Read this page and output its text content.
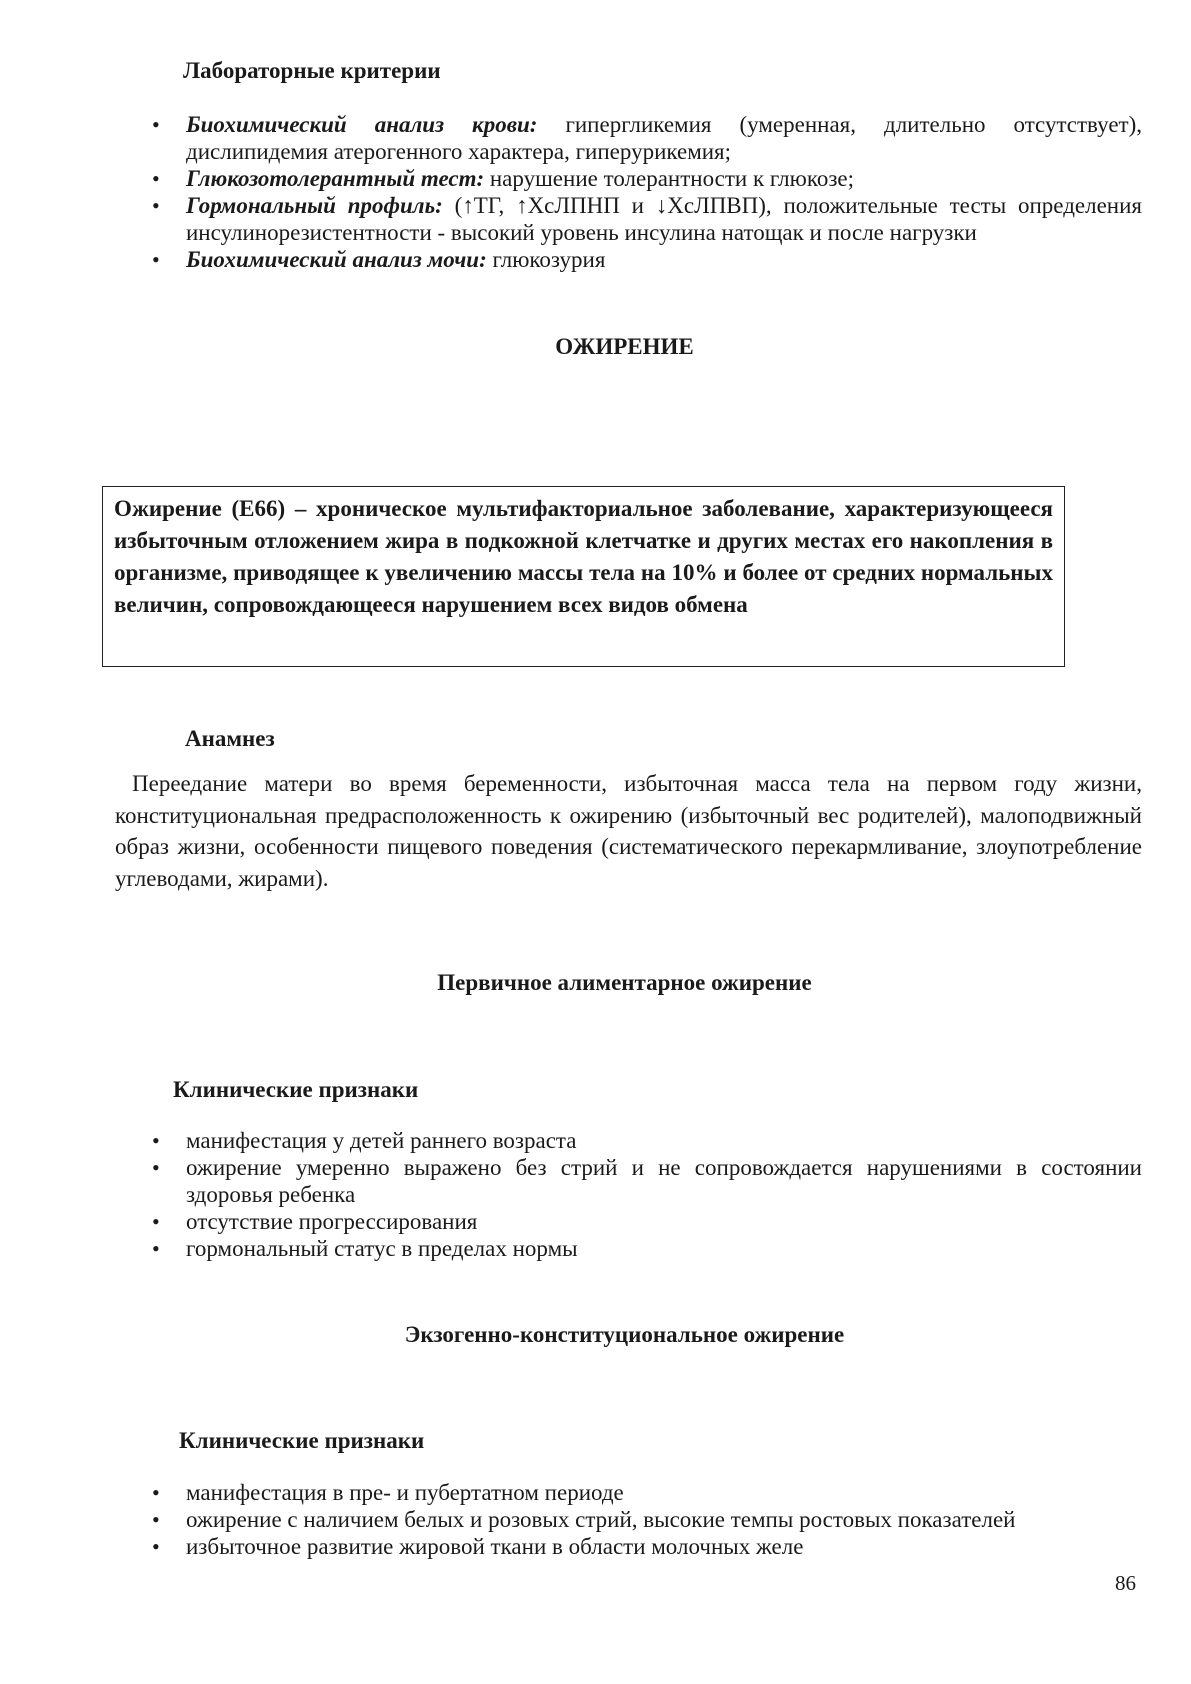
Лабораторные критерии
• Биохимический анализ крови: гипергликемия (умеренная, длительно отсутствует), дислипидемия атерогенного характера, гиперурикемия;
• Глюкозотолерантный тест: нарушение толерантности к глюкозе;
• Гормональный профиль: (↑ТГ, ↑ХсЛПНП и ↓ХсЛПВП), положительные тесты определения инсулинорезистентности - высокий уровень инсулина натощак и после нагрузки
• Биохимический анализ мочи: глюкозурия
ОЖИРЕНИЕ

Ожирение (Е66) – хроническое мультифакториальное заболевание, характеризующееся избыточным отложением жира в подкожной клетчатке и других местах его накопления в организме, приводящее к увеличению массы тела на 10% и более от средних нормальных величин, сопровождающееся нарушением всех видов обмена

Анамнез

Переедание матери во время беременности, избыточная масса тела на первом году жизни, конституциональная предрасположенность к ожирению (избыточный вес родителей), малоподвижный образ жизни, особенности пищевого поведения (систематического перекармливание, злоупотребление углеводами, жирами).

Первичное алиментарное ожирение
Клинические признаки
• манифестация у детей раннего возраста
• ожирение умеренно выражено без стрий и не сопровождается нарушениями в состоянии здоровья ребенка
• отсутствие прогрессирования
• гормональный статус в пределах нормы
Экзогенно-конституциональное ожирение
Клинические признаки
• манифестация в пре- и пубертатном периоде
• ожирение с наличием белых и розовых стрий, высокие темпы ростовых показателей
• избыточное развитие жировой ткани в области молочных желе
86
